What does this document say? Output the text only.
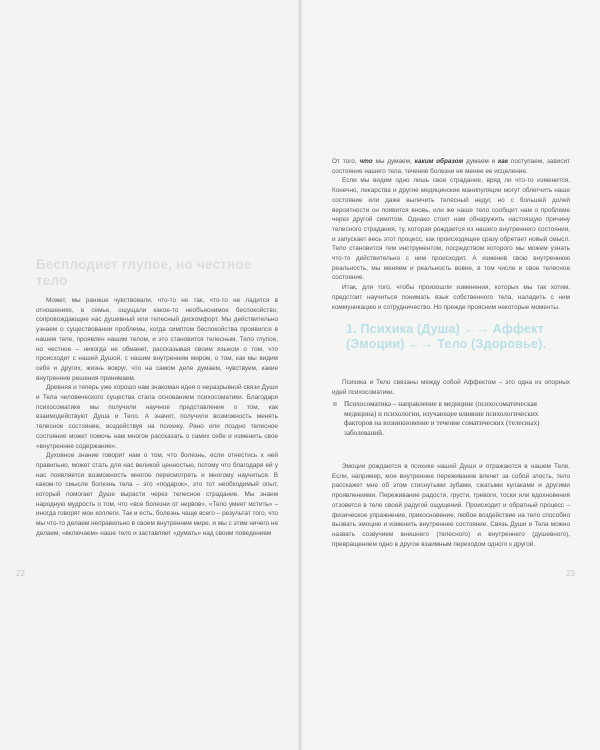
Бесплодиет глупое, но честное тело

Может, мы ранише чувствовали, что-то не так, что-то не ладится в отношениях, в семье, ощущали какое-то необъяснимое беспокойство, сопровождающее нас душевный или телесный дискомфорт. Мы действительно узнаем о существовании проблемы, когда симптом беспокойства проявился в нашем теле, проявлен нашим телом, и это становится телесным. Тело глупое, но честное – никогда не обманет, рассказывая своим языком о том, что происходит с нашей Душой, с нашим внутренним миром, о том, как мы видим себя и других, жизнь вокруг, что на самом деле думаем, чувствуем, какие внутренние решения принимаем.

Древняя и теперь уже хорошо нам знакомая идея о неразрывной связи Души и Тела человеческого существа стала основанием психосоматики. Благодаря психосоматике мы получили научное представление о том, как взаимодействуют Душа и Тело. А значит, получили возможность менять телесное состояние, воздействуя на психику. Рано или поздно телесное состояние может помочь нам многое рассказать о самих себе и изменить свое «внутреннее содержание».

Духовное знание говорит нам о том, что болезнь, если отнестись к ней правильно, может стать для нас великой ценностью, потому что благодаря ей у нас появляется возможность многое пересмотреть и многому научиться. В каком-то смысле болезнь тела – это «подарок», это тот необходимый опыт, который помогает Душе вырасти через телесное страдание. Мы знаем народную мудрость о том, что «все болезни от нервов», «Тело умеет мстить» – иногда говорят мои коллеги. Так и есть, болезнь чаще всего – результат того, что мы что-то делаем неправильно в своем внутреннем мире, и мы с этим ничего не делаем, «включаем» наше тело и заставляет «думать» над своим поведением

22

От того, что мы думаем, каким образом думаем и как поступаем, зависит состояние нашего тела, течение болезни не менее ее исцеление.

Если мы видим одно лишь свое страдание, вряд ли что-то изменится. Конечно, лекарства и другие медицинские манипуляции могут облегчить наше состояние или даже вылечить телесный недуг, но с большей долей вероятности он появится вновь, или же наше тело сообщит нам о проблеме через другой симптом. Однако стоит нам обнаружить настоящую причину телесного страдания, ту, которая рождается из нашего внутреннего состояния, и запускает весь этот процесс, как происходящее сразу обретает новый смысл. Тело становится тем инструментом, посредством которого мы можем узнать что-то действительно с ним происходит. А изменив свою внутреннюю реальность, мы меняем и реальность вовне, в том числе и свое телесное состояние.

Итак, для того, чтобы произошли изменения, которых мы так хотим, предстоит научиться понимать язык собственного тела, наладить с ним коммуникацию и сотрудничество. Но прежде проясним некоторые моменты.

1. Психика (Душа) ←→ Аффект (Эмоции) ←→ Тело (Здоровье).

Психика и Тело связаны между собой Аффектом – это одна из опорных идей психосоматики.

Психосоматика – направление в медицине (психосоматическая медицина) и психологии, изучающее влияние психологических факторов на возникновение и течение соматических (телесных) заболеваний.

Эмоции рождаются в психике нашей Души и отражаются в нашем Теле. Если, например, мое внутреннее переживание влечет за собой злость, тело расскажет мне об этом стиснутыми зубами, сжатыми кулаками и другими проявлениями. Переживание радости, грусти, тревоги, тоски или вдохновения отзовется в теле своей радугой ощущений. Происходит и обратный процесс – физическое упражнение, прикосновение, любое воздействие на тело способно вызвать эмоцию и изменить внутреннее состояние. Связь Души и Тела можно назвать созвучием внешнего (телесного) и внутреннего (душевного), превращением одно в другое взаимным переходом одного к другой.

23
